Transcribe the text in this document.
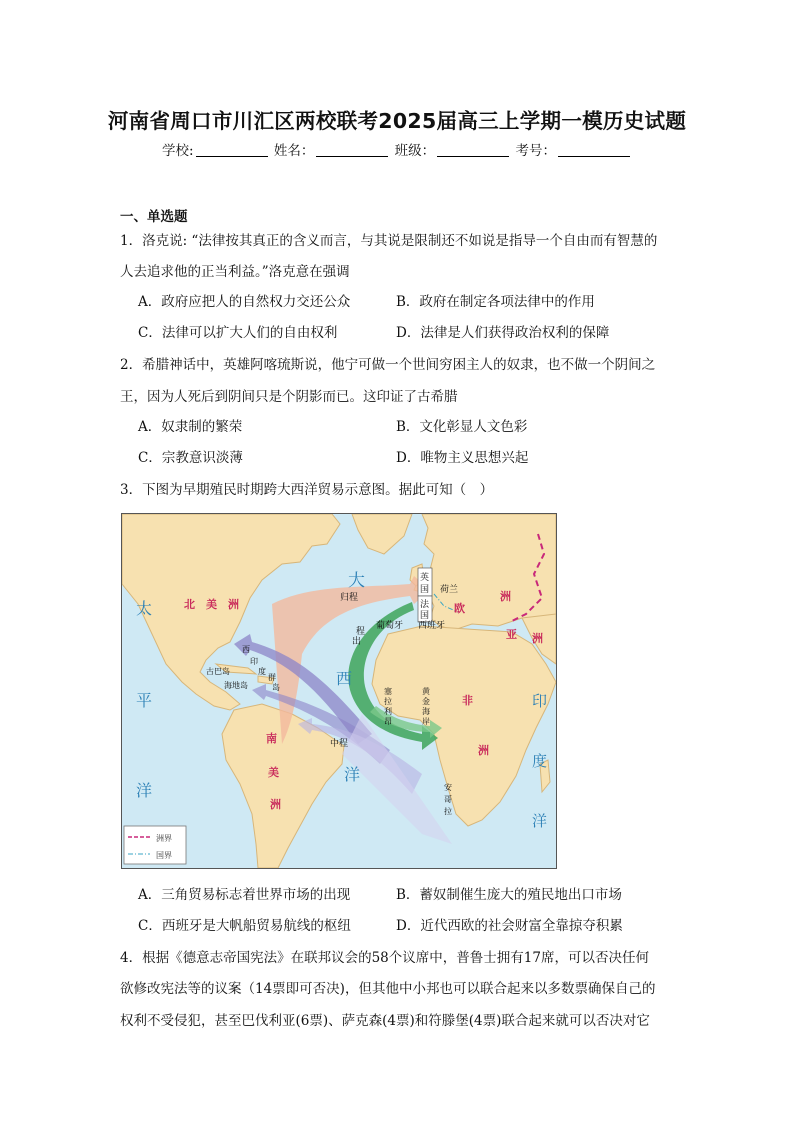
河南省周口市川汇区两校联考2025届高三上学期一模历史试题
学校:	姓名：	班级：	考号：
一、单选题
1．洛克说: “法律按其真正的含义而言，与其说是限制还不如说是指导一个自由而有智慧的
人去追求他的正当利益。”洛克意在强调
A．政府应把人的自然权力交还公众	B．政府在制定各项法律中的作用
C．法律可以扩大人们的自由权利	D．法律是人们获得政治权利的保障
2．希腊神话中，英雄阿喀琉斯说，他宁可做一个世间穷困主人的奴隶，也不做一个阴间之
王，因为人死后到阴间只是个阴影而已。这印证了古希腊
A．奴隶制的繁荣	B．文化彰显人文色彩
C．宗教意识淡薄	D．唯物主义思想兴起
3．下图为早期殖民时期跨大西洋贸易示意图。据此可知（　）
太
平
洋
大
西
洋
印
度
洋
北　美　洲
南
美
洲
欧
洲
非
洲
亚 洲
英
国 荷兰
法
国
葡萄牙 西班牙
西
印
度
群
岛
古巴岛
海地岛
塞
拉
利
昂
黄
金
海
岸
安
哥
拉
归程
出
程
中程
洲界
国界
A．三角贸易标志着世界市场的出现	B．蓄奴制催生庞大的殖民地出口市场
C．西班牙是大帆船贸易航线的枢纽	D．近代西欧的社会财富全靠掠夺积累
4．根据《德意志帝国宪法》在联邦议会的58个议席中，普鲁士拥有17席，可以否决任何
欲修改宪法等的议案（14票即可否决)，但其他中小邦也可以联合起来以多数票确保自己的
权利不受侵犯，甚至巴伐利亚(6票)、萨克森(4票)和符滕堡(4票)联合起来就可以否决对它
